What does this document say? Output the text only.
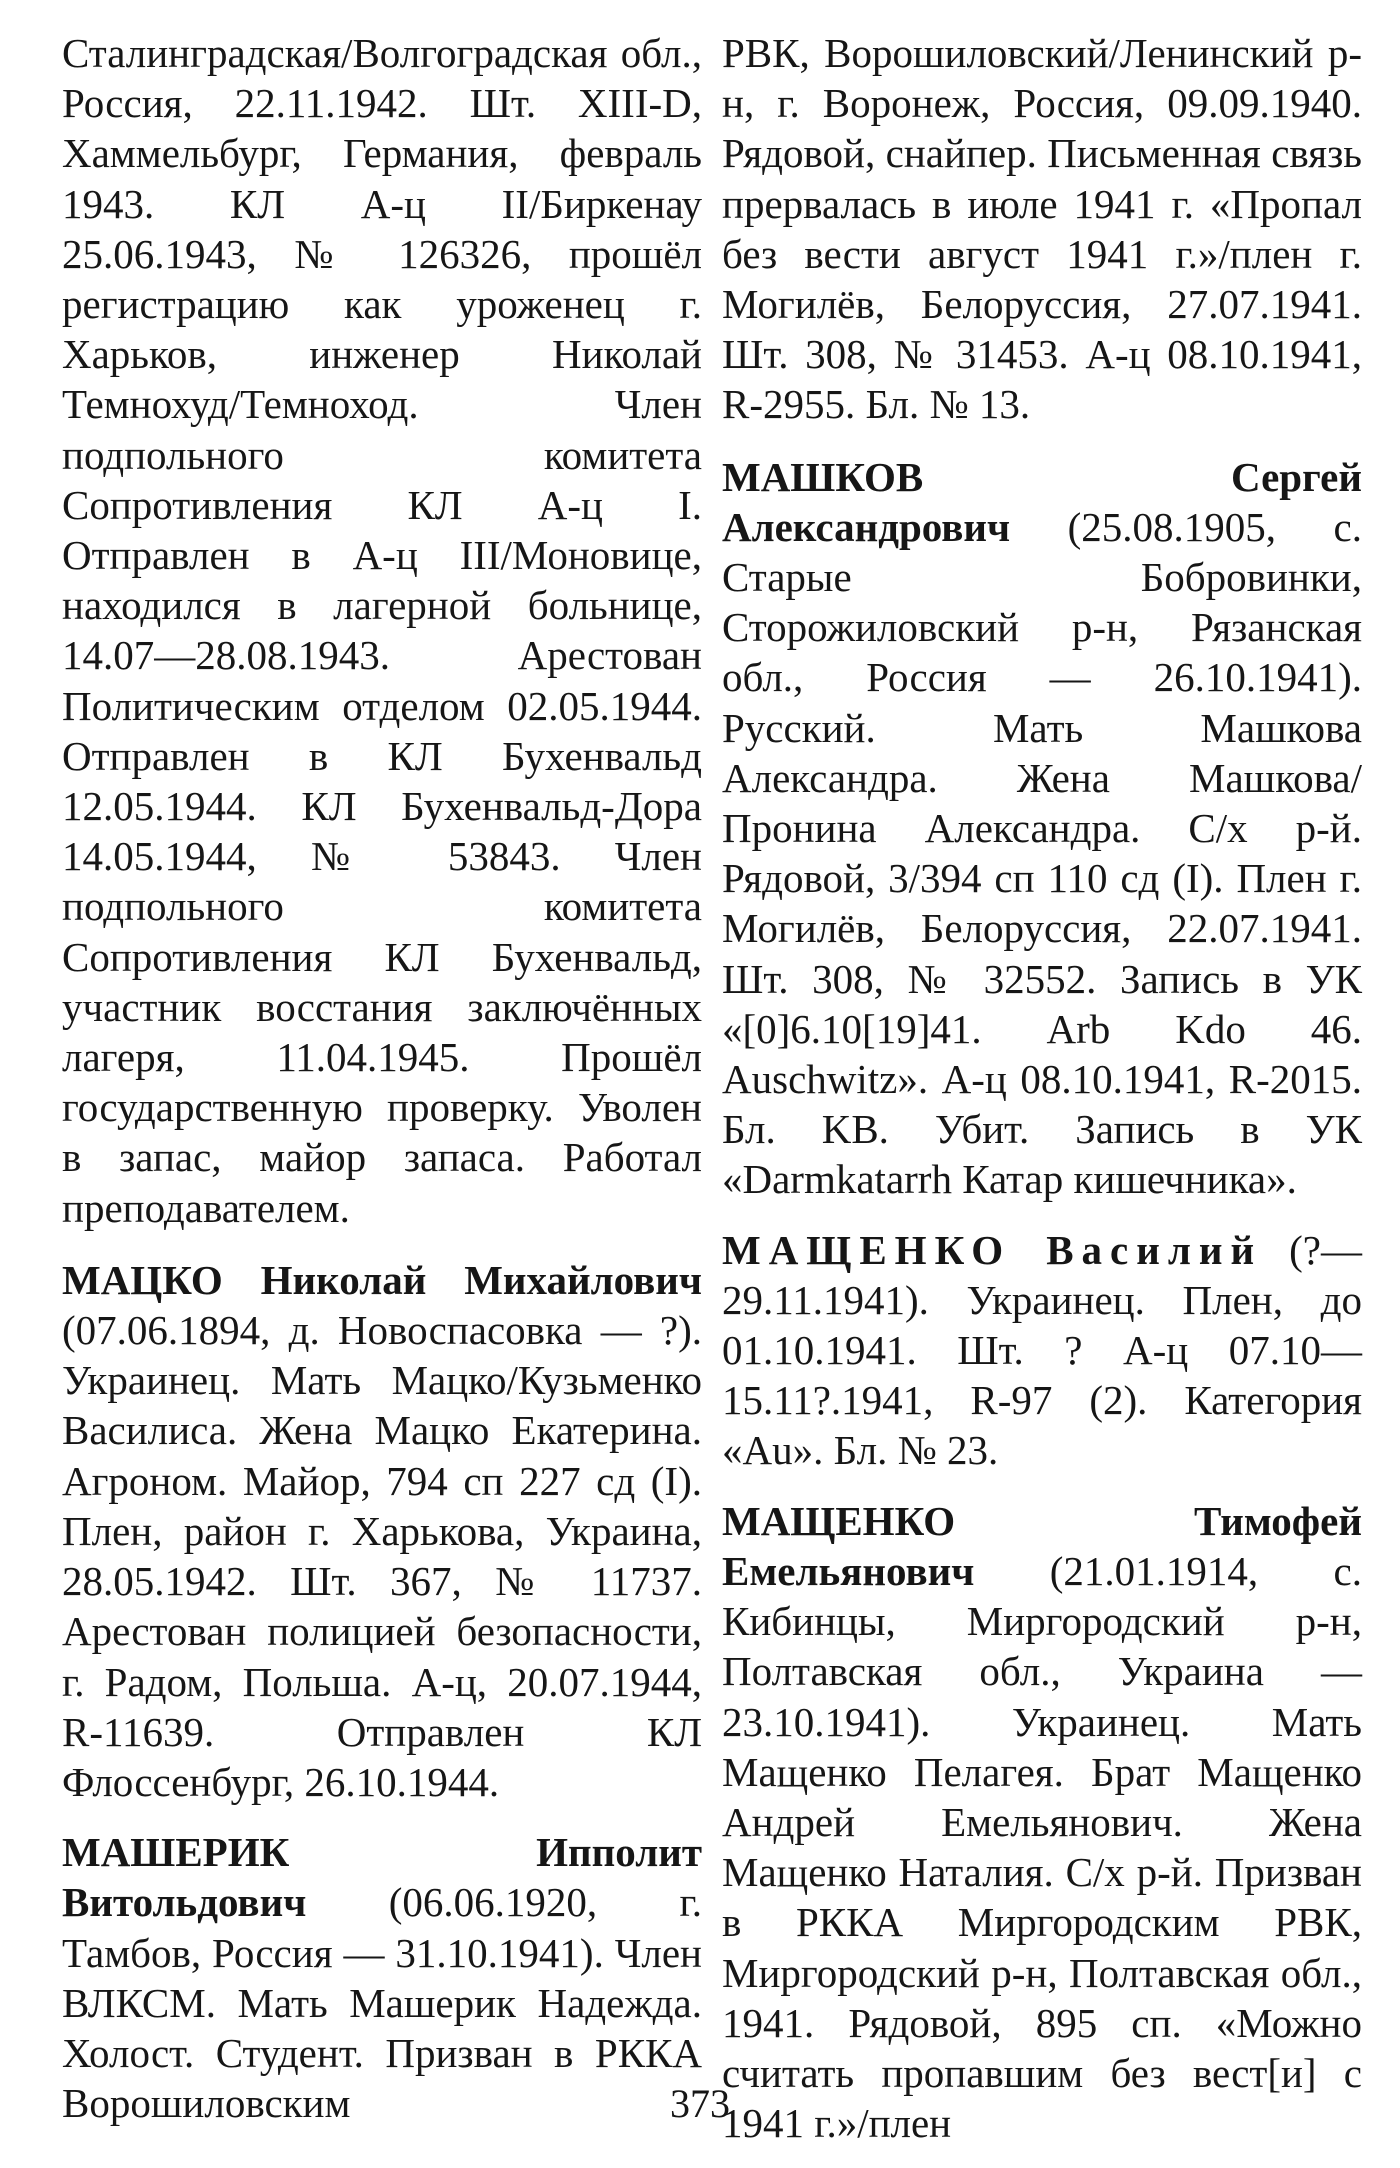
Сталинградская/Волгоградская обл., Россия, 22.11.1942. Шт. XIII-D, Хаммельбург, Германия, февраль 1943. КЛ А-ц II/Биркенау 25.06.1943, № 126326, прошёл регистрацию как уроженец г. Харьков, инженер Николай Темнохуд/Темноход. Член подпольного комитета Сопротивления КЛ А-ц I. Отправлен в А-ц III/Моновице, находился в лагерной больнице, 14.07—28.08.1943. Арестован Политическим отделом 02.05.1944. Отправлен в КЛ Бухенвальд 12.05.1944. КЛ Бухенвальд-Дора 14.05.1944, № 53843. Член подпольного комитета Сопротивления КЛ Бухенвальд, участник восстания заключённых лагеря, 11.04.1945. Прошёл государственную проверку. Уволен в запас, майор запаса. Работал преподавателем.

МАЦКО Николай Михайлович (07.06.1894, д. Новоспасовка — ?). Украинец. Мать Мацко/Кузьменко Василиса. Жена Мацко Екатерина. Агроном. Майор, 794 сп 227 сд (I). Плен, район г. Харькова, Украина, 28.05.1942. Шт. 367, № 11737. Арестован полицией безопасности, г. Радом, Польша. А-ц, 20.07.1944, R-11639. Отправлен КЛ Флоссенбург, 26.10.1944.

МАШЕРИК Ипполит Витольдович (06.06.1920, г. Тамбов, Россия — 31.10.1941). Член ВЛКСМ. Мать Машерик Надежда. Холост. Студент. Призван в РККА Ворошиловским

РВК, Ворошиловский/Ленинский р-н, г. Воронеж, Россия, 09.09.1940. Рядовой, снайпер. Письменная связь прервалась в июле 1941 г. «Пропал без вести август 1941 г.»/плен г. Могилёв, Белоруссия, 27.07.1941. Шт. 308, № 31453. А-ц 08.10.1941, R-2955. Бл. № 13.

МАШКОВ Сергей Александрович (25.08.1905, с. Старые Бобровинки, Сторожиловский р-н, Рязанская обл., Россия — 26.10.1941). Русский. Мать Машкова Александра. Жена Машкова/Пронина Александра. С/х р-й. Рядовой, 3/394 сп 110 сд (I). Плен г. Могилёв, Белоруссия, 22.07.1941. Шт. 308, № 32552. Запись в УК «[0]6.10[19]41. Arb Kdo 46. Auschwitz». А-ц 08.10.1941, R-2015. Бл. KB. Убит. Запись в УК «Darmkatarrh Катар кишечника».

МАЩЕНКО Василий (?—29.11.1941). Украинец. Плен, до 01.10.1941. Шт. ? А-ц 07.10—15.11?.1941, R-97 (2). Категория «Au». Бл. № 23.

МАЩЕНКО Тимофей Емельянович (21.01.1914, с. Кибинцы, Миргородский р-н, Полтавская обл., Украина — 23.10.1941). Украинец. Мать Мащенко Пелагея. Брат Мащенко Андрей Емельянович. Жена Мащенко Наталия. С/х р-й. Призван в РККА Миргородским РВК, Миргородский р-н, Полтавская обл., 1941. Рядовой, 895 сп. «Можно считать пропавшим без вест[и] с 1941 г.»/плен

373
